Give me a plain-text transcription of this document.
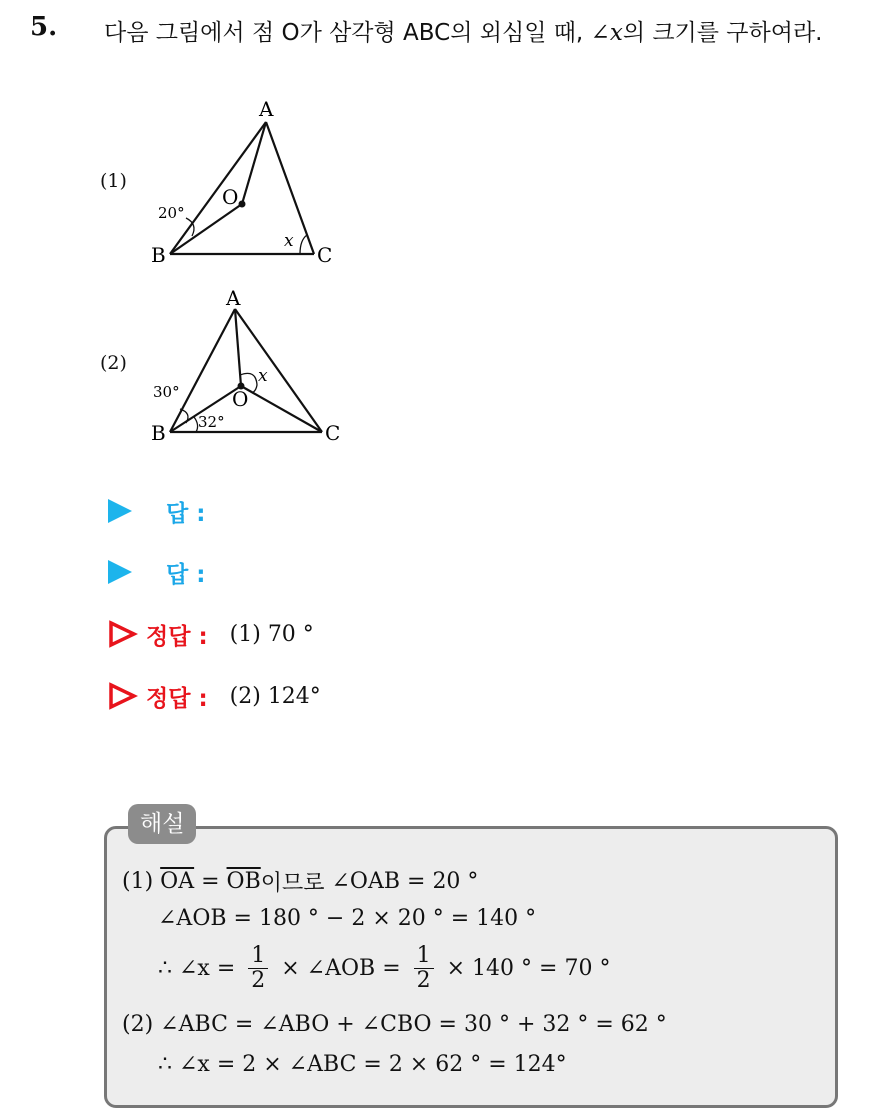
5. 다음 그림에서 점 O가 삼각형 ABC의 외심일 때, ∠x의 크기를 구하여라.
(1)
A
B	C
O
20°
x
(2)
A
B	C
O
30°
32°
x
답 :
답 :
정답 : (1) 70 °
정답 : (2) 124°
해설
(1)
$\overline{OA} = \overline{OB}$ 이므로 ∠OAB = 20 °
∠AOB = 180 ° − 2 × 20 ° = 140 °
∴ ∠x = $\frac{1}{2}$ × ∠AOB = $\frac{1}{2} \times 140$ ° = 70 °
(2)
∠ABC = ∠ABO + ∠CBO = 30 ° + 32 ° = 62 °
∴ ∠x = 2 × ∠ABC = 2 × 62 ° = 124°
